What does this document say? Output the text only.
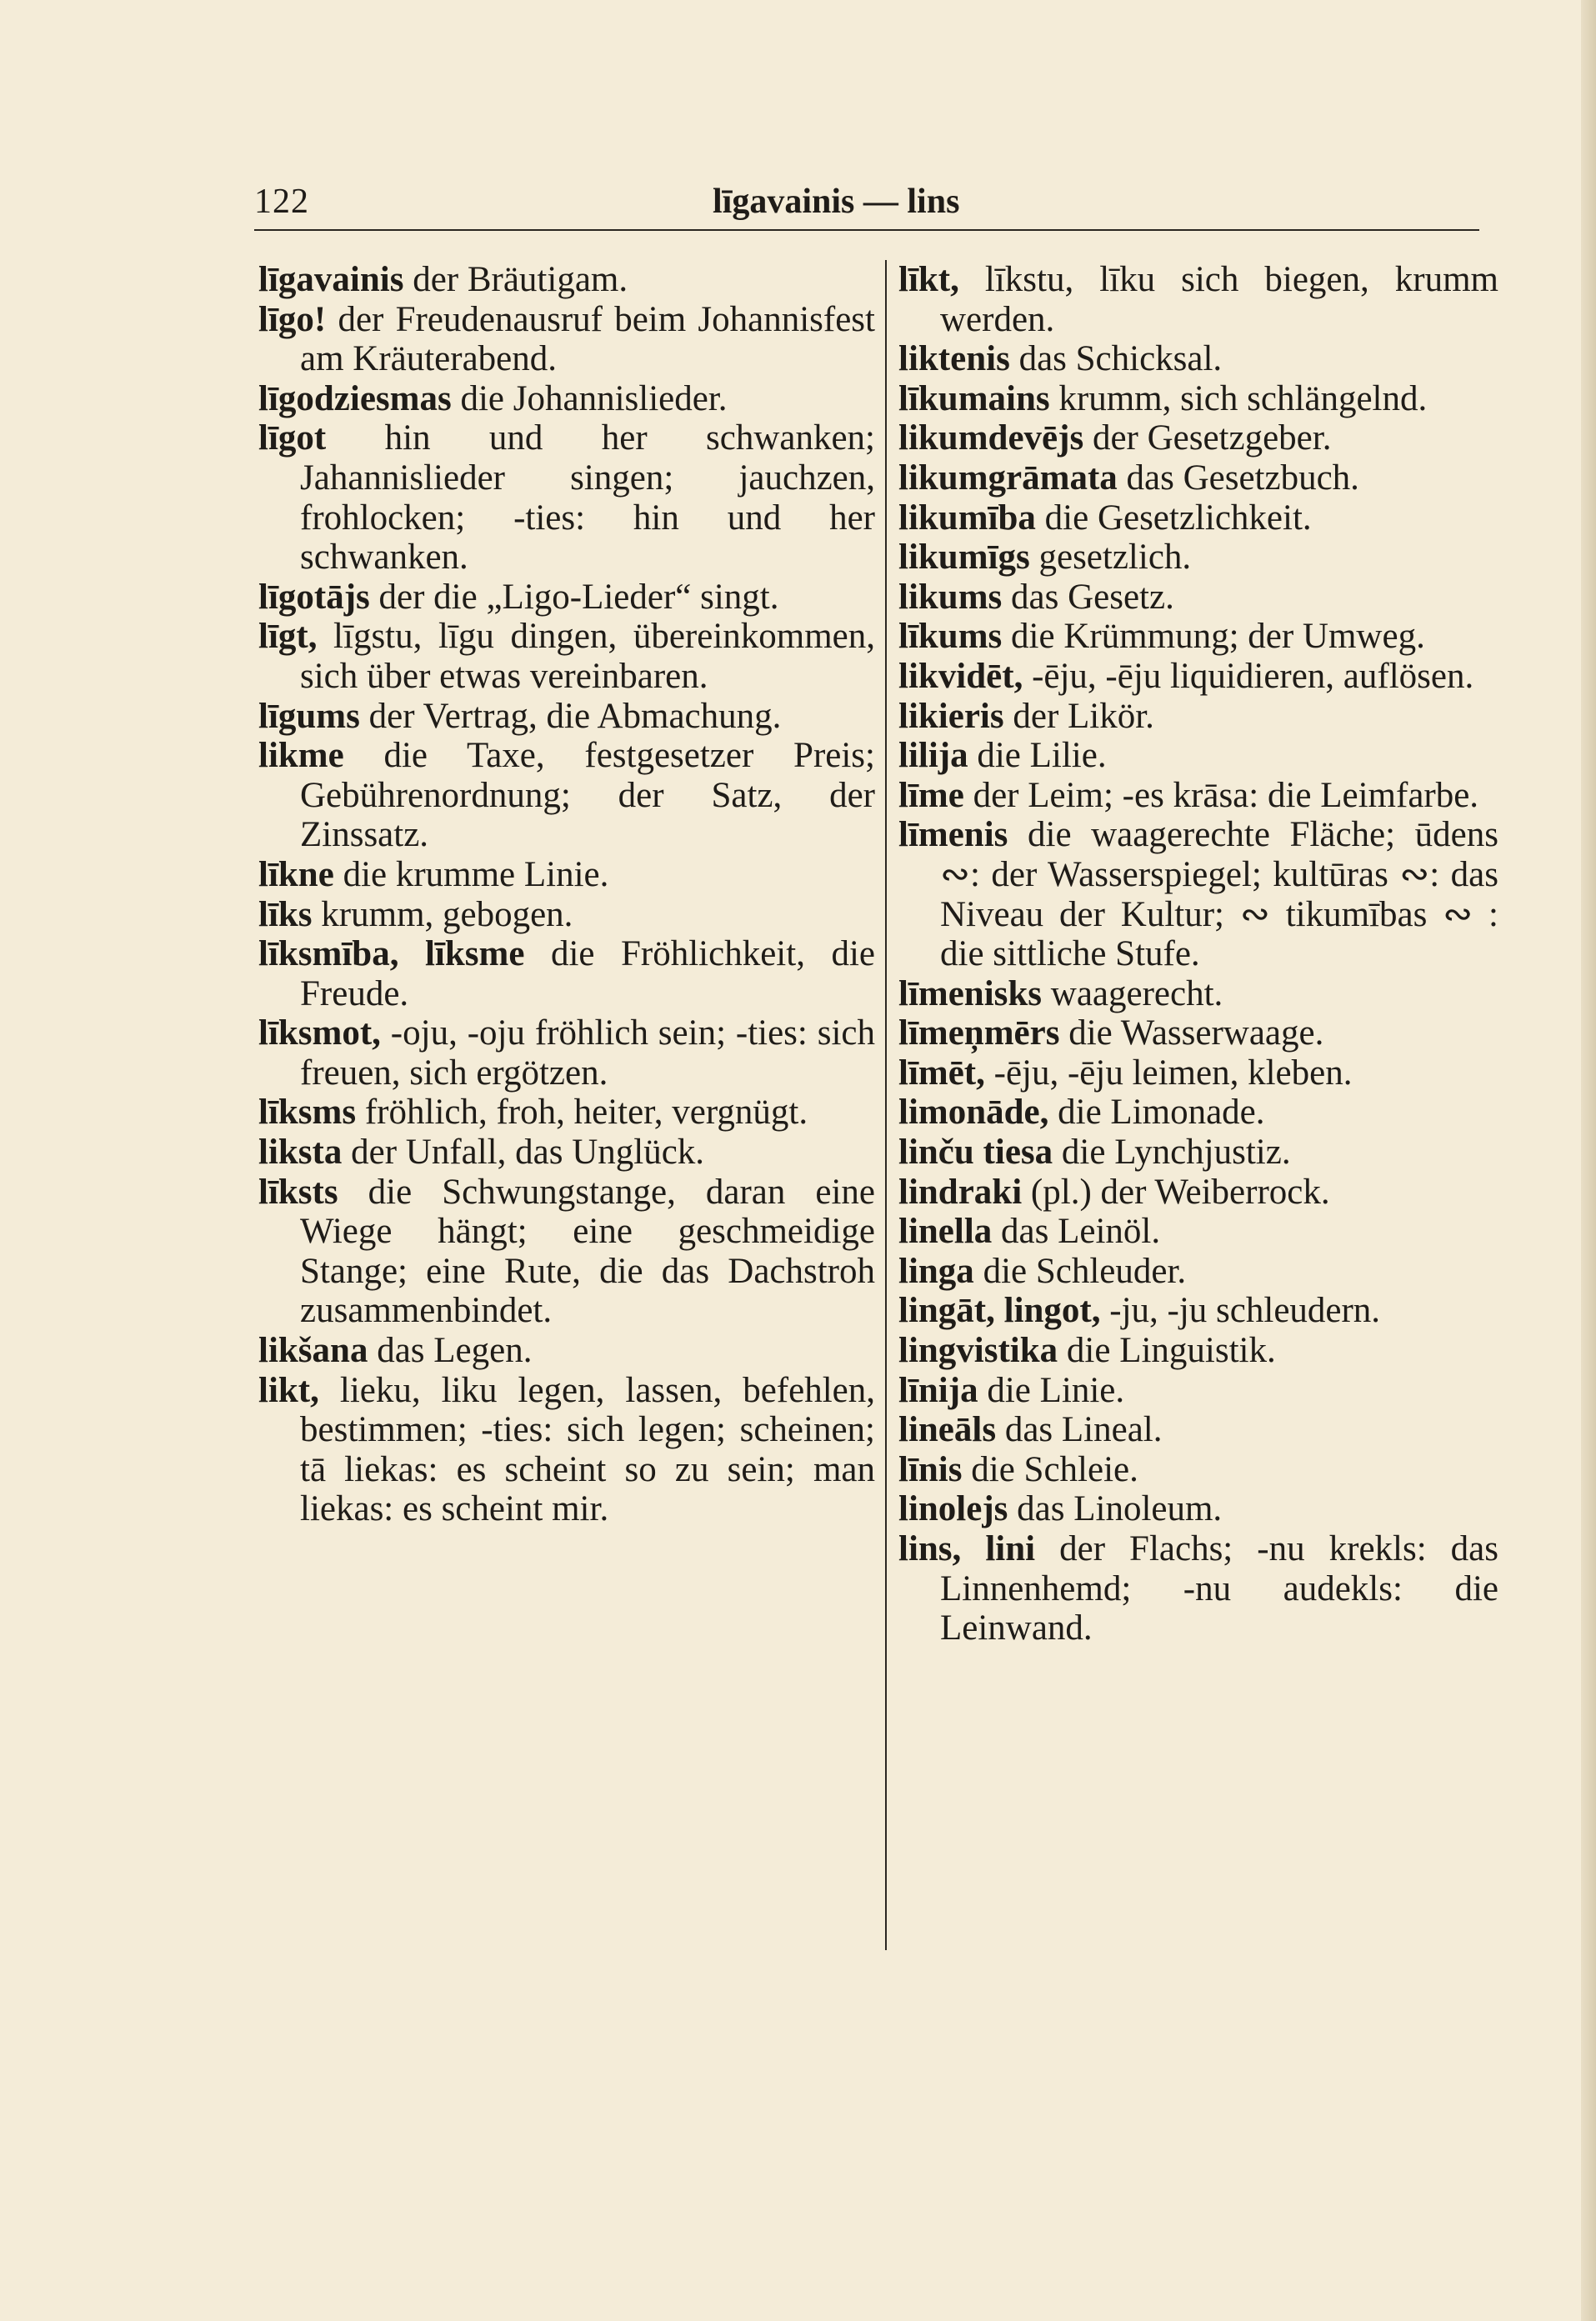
122	līgavainis — lins

līgavainis der Bräutigam.

līgo! der Freudenausruf beim Johannisfest am Kräuterabend.

līgodziesmas die Johannislieder.

līgot hin und her schwanken; Jahannislieder singen; jauchzen, frohlocken; -ties: hin und her schwanken.

līgotājs der die „Ligo-Lieder“ singt.

līgt, līgstu, līgu dingen, übereinkommen, sich über etwas vereinbaren.

līgums der Vertrag, die Abmachung.

likme die Taxe, festgesetzer Preis; Gebührenordnung; der Satz, der Zinssatz.

līkne die krumme Linie.

līks krumm, gebogen.

līksmība, līksme die Fröhlichkeit, die Freude.

līksmot, -oju, -oju fröhlich sein; -ties: sich freuen, sich ergötzen.

līksms fröhlich, froh, heiter, vergnügt.

liksta der Unfall, das Unglück.

līksts die Schwungstange, daran eine Wiege hängt; eine geschmeidige Stange; eine Rute, die das Dachstroh zusammenbindet.

likšana das Legen.

likt, lieku, liku legen, lassen, befehlen, bestimmen; -ties: sich legen; scheinen; tā liekas: es scheint so zu sein; man liekas: es scheint mir.

līkt, līkstu, līku sich biegen, krumm werden.

liktenis das Schicksal.

līkumains krumm, sich schlängelnd.

likumdevējs der Gesetzgeber.

likumgrāmata das Gesetzbuch.

likumība die Gesetzlichkeit.

likumīgs gesetzlich.

likums das Gesetz.

līkums die Krümmung; der Umweg.

likvidēt, -ēju, -ēju liquidieren, auflösen.

likieris der Likör.

lilija die Lilie.

līme der Leim; -es krāsa: die Leimfarbe.

līmenis die waagerechte Fläche; ūdens ∾: der Wasserspiegel; kultūras ∾: das Niveau der Kultur; ∾ tikumības ∾ : die sittliche Stufe.

līmenisks waagerecht.

līmeņmērs die Wasserwaage.

līmēt, -ēju, -ēju leimen, kleben.

limonāde, die Limonade.

linču tiesa die Lynchjustiz.

lindraki (pl.) der Weiberrock.

linella das Leinöl.

linga die Schleuder.

lingāt, lingot, -ju, -ju schleudern.

lingvistika die Linguistik.

līnija die Linie.

lineāls das Lineal.

līnis die Schleie.

linolejs das Linoleum.

lins, lini der Flachs; -nu krekls: das Linnenhemd; -nu audekls: die Leinwand.
